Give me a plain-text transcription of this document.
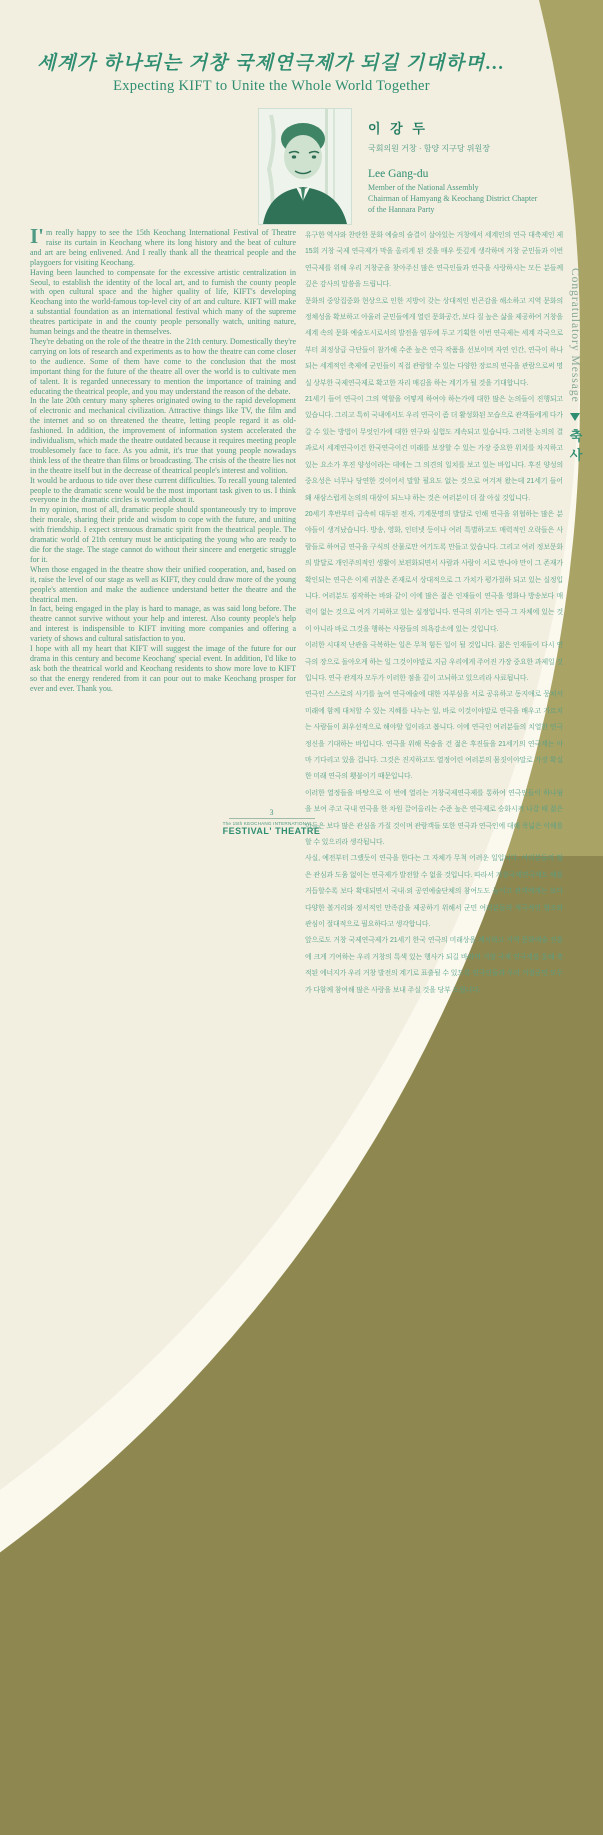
세계가 하나되는 거창 국제연극제가 되길 기대하며…
Expecting KIFT to Unite the Whole World Together
이 강 두
국회의원 거창 · 함양 지구당 위원장
Lee Gang-du
Member of the National Assembly
Chairman of Hamyang & Keochang District Chapter
of the Hannara Party

I'm really happy to see the 15th Keochang International Festival of Theatre raise its curtain in Keochang where its long history and the beat of culture and art are being enlivened. And I really thank all the theatrical people and the playgoers for visiting Keochang.

Having been launched to compensate for the excessive artistic centralization in Seoul, to establish the identity of the local art, and to furnish the county people with open cultural space and the higher quality of life, KIFT's developing Keochang into the world-famous top-level city of art and culture. KIFT will make a substantial foundation as an international festival which many of the supreme theatres participate in and the county people personally watch, uniting nature, human beings and the theatre in themselves.

They're debating on the role of the theatre in the 21th century. Domestically they're carrying on lots of research and experiments as to how the theatre can come closer to the audience. Some of them have come to the conclusion that the most important thing for the future of the theatre all over the world is to cultivate men of talent. It is regarded unnecessary to mention the importance of training and educating the theatrical people, and you may understand the reason of the debate.

In the late 20th century many spheres originated owing to the rapid development of electronic and mechanical civilization. Attractive things like TV, the film and the internet and so on threatened the theatre, letting people regard it as old-fashioned. In addition, the improvement of information system accelerated the individualism, which made the theatre outdated because it requires meeting people troublesomely face to face. As you admit, it's true that young people nowadays think less of the theatre than films or broadcasting. The crisis of the theatre lies not in the theatre itself but in the decrease of theatrical people's interest and volition.

It would be arduous to tide over these current difficulties. To recall young talented people to the dramatic scene would be the most important task given to us. I think everyone in the dramatic circles is worried about it.

In my opinion, most of all, dramatic people should spontaneously try to improve their morale, sharing their pride and wisdom to cope with the future, and uniting with friendship. I expect strenuous dramatic spirit from the theatrical people. The dramatic world of 21th century must be anticipating the young who are ready to die for the stage. The stage cannot do without their sincere and energetic struggle for it.

When those engaged in the theatre show their unified cooperation, and, based on it, raise the level of our stage as well as KIFT, they could draw more of the young people's attention and make the audience understand better the theatre and the theatrical men.

In fact, being engaged in the play is hard to manage, as was said long before. The theatre cannot survive without your help and interest. Also county people's help and interest is indispensible to KIFT inviting more companies and offering a variety of shows and cultural satisfaction to you.

I hope with all my heart that KIFT will suggest the image of the future for our drama in this century and become Keochang' special event. In addition, I'd like to ask both the theatrical world and Keochang residents to show more love to KIFT so that the energy rendered from it can pour out to make Keochang prosper for ever and ever. Thank you.

유구한 역사와 찬란한 문화 예술의 숨결이 살아있는 거창에서 세계인의 연극 대축제인 제 15회 거창 국제 연극제가 막을 올리게 된 것을 매우 뜻깊게 생각하며 거창 군민들과 이번 연극제를 위해 우리 거창군을 찾아주신 많은 연극인들과 연극을 사랑하시는 모든 분들께 깊은 감사의 말씀을 드립니다.

문화의 중앙집중화 현상으로 인한 지방이 갖는 상대적인 빈곤감을 해소하고 지역 문화의 정체성을 확보하고 아울러 군민들에게 열린 문화공간, 보다 질 높은 삶을 제공하여 거창을 세계 속의 문화 예술도시로서의 발전을 염두에 두고 기획한 이번 연극제는 세계 각국으로부터 최정상급 극단들이 참가해 수준 높은 연극 작품을 선보이며 자연 인간, 연극이 하나되는 세계적인 축제에 군민들이 직접 관람할 수 있는 다양한 장르의 연극을 관람으로써 명실 상부한 국제연극제로 확고한 자리 매김을 하는 계기가 될 것을 기대합니다.

21세기 들어 연극이 그의 역할을 어떻게 하여야 하는가에 대한 많은 논의들이 진행되고 있습니다. 그리고 특히 국내에서도 우리 연극이 좀 더 활성화된 모습으로 관객들에게 다가갈 수 있는 방법이 무엇인가에 대한 연구와 실험도 계속되고 있습니다. 그러한 논의의 결과로서 세계연극이건 한국연극이건 미래를 보장할 수 있는 가장 중요한 위치를 차지하고 있는 요소가 후진 양성이라는 데에는 그 의견의 일치를 보고 있는 바입니다. 후진 양성의 중요성은 너무나 당연한 것이어서 말할 필요도 없는 것으로 여겨져 왔는데 21세기 들어 왜 새삼스럽게 논의의 대상이 되느냐 하는 것은 여러분이 더 잘 아실 것입니다.

20세기 후반부터 급속히 대두된 전자, 기계문명의 발달로 인해 연극을 위협하는 많은 분야들이 생겨났습니다. 방송, 영화, 인터넷 등이나 여러 특별하고도 매력적인 오락들은 사람들로 하여금 연극을 구식의 산물로만 여기도록 만들고 있습니다. 그리고 여러 정보문화의 발달로 개인주의적인 생활이 보편화되면서 사람과 사람이 서로 만나야 만이 그 존재가 확인되는 연극은 이제 귀찮은 존재로서 상대적으로 그 가치가 평가절하 되고 있는 실정입니다. 여러분도 짐작하는 바와 같이 이에 많은 젊은 인재들이 연극을 영화나 방송보다 매력이 없는 것으로 여겨 기피하고 있는 실정입니다. 연극의 위기는 연극 그 자체에 있는 것이 아니라 바로 그것을 행하는 사람들의 의욕감소에 있는 것입니다.

이러한 시대적 난관을 극복하는 일은 무척 힘든 일이 될 것입니다. 젊은 인재들이 다시 연극의 장으로 돌아오게 하는 일 그것이야말로 지금 우리에게 주어진 가장 중요한 과제일 것입니다. 연극 관계자 모두가 이러한 점을 깊이 고뇌하고 있으리라 사료됩니다.

연극인 스스로의 사기를 높여 연극예술에 대한 자부심을 서로 공유하고 동지애로 뭉쳐서 미래에 함께 대처할 수 있는 지혜를 나누는 일, 바로 이것이야말로 연극을 배우고 가르치는 사람들이 최우선적으로 해야할 일이라고 봅니다. 이에 연극인 여러분들의 치열한 연극정신을 기대하는 바입니다. 연극을 위해 목숨을 건 젊은 후진들을 21세기의 연극계는 아마 기다리고 있을 겁니다. 그것은 진지하고도 열정어린 여러분의 몸짓이야말로 가장 확실한 미래 연극의 횃불이기 때문입니다.

이러한 열정들을 바탕으로 이 번에 열리는 거창국제연극제를 통하여 연극인들이 하나됨을 보여 주고 국내 연극을 한 차원 끌어올리는 수준 높은 연극제로 승화시켜 나갈 때 젊은이들은 보다 많은 관심을 가질 것이며 관람객들 또한 연극과 연극인에 대해 폭넓은 이해를 할 수 있으리라 생각됩니다.

사실, 예전부터 그랬듯이 연극을 한다는 그 자체가 무척 어려운 일입니다. 여러분들의 많은 관심과 도움 없이는 연극제가 발전할 수 없을 것입니다. 따라서 거창국제연극제도 해를 거듭할수록 보다 확대되면서 국내·외 공연예술단체의 참여도도 높이고 관객에게는 보다 다양한 볼거리와 정서적인 만족감을 제공하기 위해서 군민 여러분들의 적극적인 협조와 관심이 절대적으로 필요하다고 생각합니다.

앞으로도 거창 국제연극제가 21세기 한국 연극의 미래상을 제시하고 지역 문화예술 진흥에 크게 기여하는 우리 거창의 특색 있는 행사가 되길 바라며 거창 국제 연극제를 통해 축적된 에너지가 우리 거창 발전의 계기로 표출될 수 있도록 연극인들과 우리 거창군민 모두가 다함께 참여해 많은 사랑을 보내 주실 것을 당부 드립니다.

Congratulatory Message
축사
3
The 15th KEOCHANG INTERNATIONAL
FESTIVAL' THEATRE
